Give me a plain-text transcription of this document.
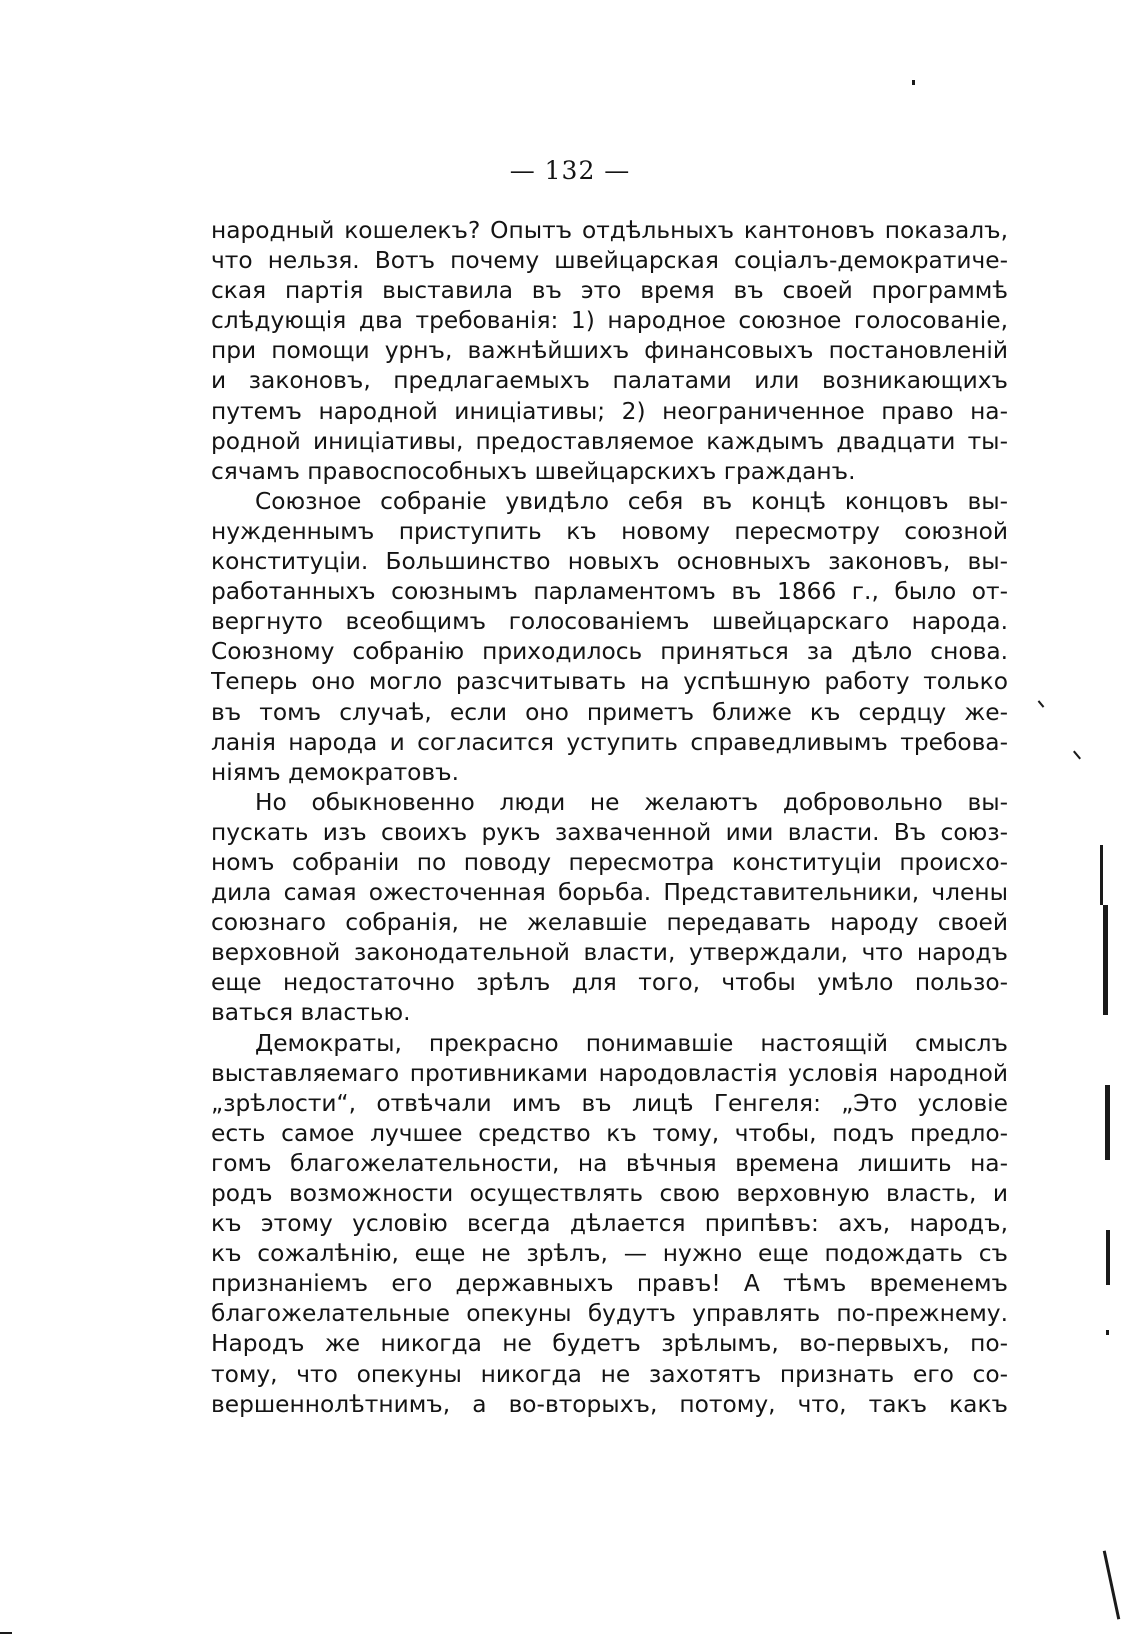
— 132 —
народный кошелекъ? Опытъ отдѣльныхъ кантоновъ показалъ,
что нельзя. Вотъ почему швейцарская соціалъ-демократиче-
ская партія выставила въ это время въ своей программѣ
слѣдующія два требованія: 1) народное союзное голосованіе,
при помощи урнъ, важнѣйшихъ финансовыхъ постановленій
и законовъ, предлагаемыхъ палатами или возникающихъ
путемъ народной иниціативы; 2) неограниченное право на-
родной иниціативы, предоставляемое каждымъ двадцати ты-
сячамъ правоспособныхъ швейцарскихъ гражданъ.
Союзное собраніе увидѣло себя въ концѣ концовъ вы-
нужденнымъ приступить къ новому пересмотру союзной
конституціи. Большинство новыхъ основныхъ законовъ, вы-
работанныхъ союзнымъ парламентомъ въ 1866 г., было от-
вергнуто всеобщимъ голосованіемъ швейцарскаго народа.
Союзному собранію приходилось приняться за дѣло снова.
Теперь оно могло разсчитывать на успѣшную работу только
въ томъ случаѣ, если оно приметъ ближе къ сердцу же-
ланія народа и согласится уступить справедливымъ требова-
ніямъ демократовъ.
Но обыкновенно люди не желаютъ добровольно вы-
пускать изъ своихъ рукъ захваченной ими власти. Въ союз-
номъ собраніи по поводу пересмотра конституціи происхо-
дила самая ожесточенная борьба. Представительники, члены
союзнаго собранія, не желавшіе передавать народу своей
верховной законодательной власти, утверждали, что народъ
еще недостаточно зрѣлъ для того, чтобы умѣло пользо-
ваться властью.
Демократы, прекрасно понимавшіе настоящій смыслъ
выставляемаго противниками народовластія условія народной
„зрѣлости“, отвѣчали имъ въ лицѣ Генгеля: „Это условіе
есть самое лучшее средство къ тому, чтобы, подъ предло-
гомъ благожелательности, на вѣчныя времена лишить на-
родъ возможности осуществлять свою верховную власть, и
къ этому условію всегда дѣлается припѣвъ: ахъ, народъ,
къ сожалѣнію, еще не зрѣлъ, — нужно еще подождать съ
признаніемъ его державныхъ правъ! А тѣмъ временемъ
благожелательные опекуны будутъ управлять по-прежнему.
Народъ же никогда не будетъ зрѣлымъ, во-первыхъ, по-
тому, что опекуны никогда не захотятъ признать его со-
вершеннолѣтнимъ, а во-вторыхъ, потому, что, такъ какъ
